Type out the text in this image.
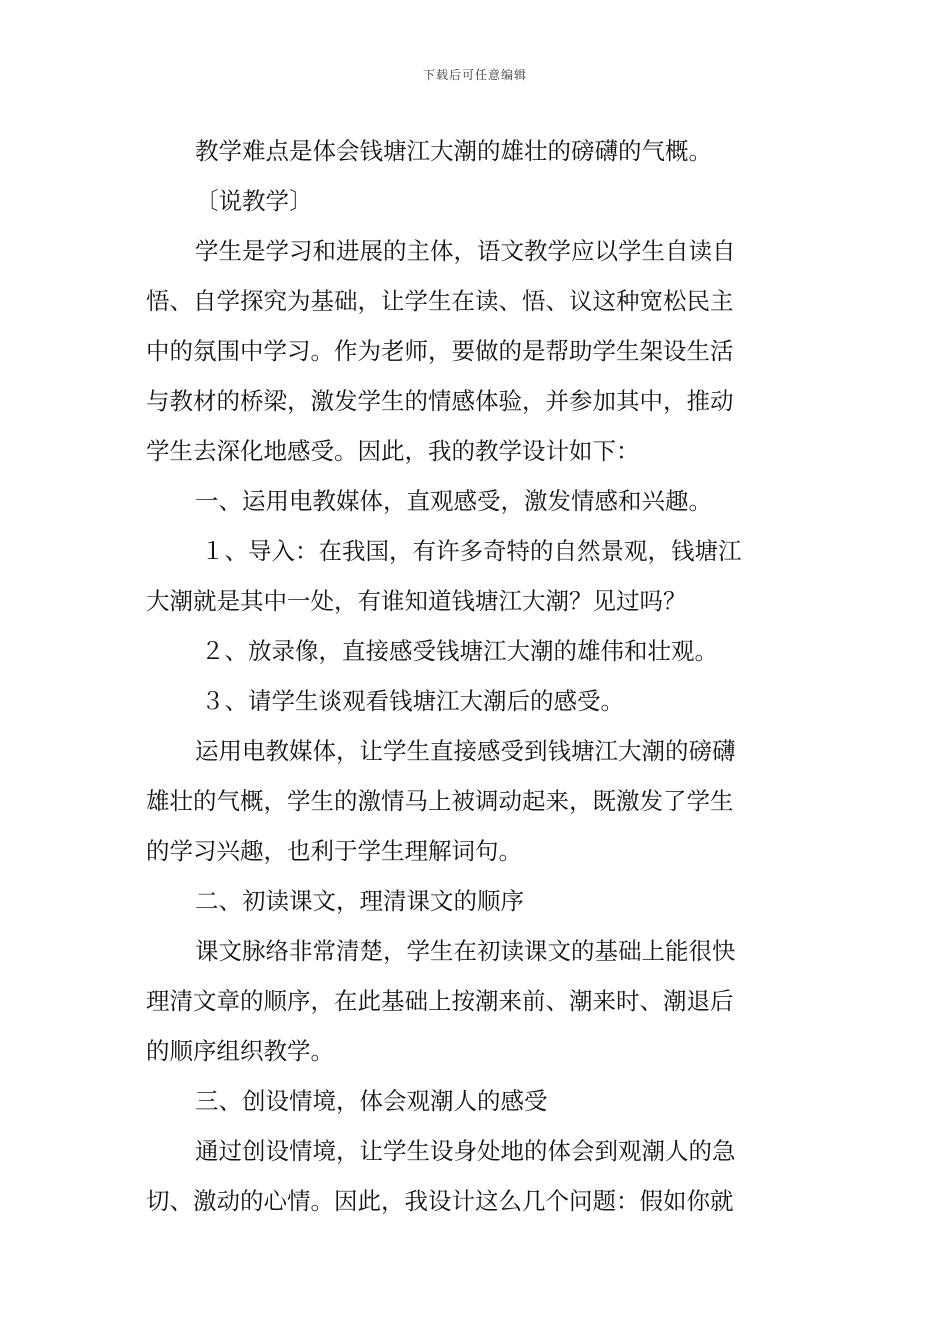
下载后可任意编辑
教学难点是体会钱塘江大潮的雄壮的磅礴的气概。
〔说教学〕
学生是学习和进展的主体，语文教学应以学生自读自
悟、自学探究为基础，让学生在读、悟、议这种宽松民主
中的氛围中学习。作为老师，要做的是帮助学生架设生活
与教材的桥梁，激发学生的情感体验，并参加其中，推动
学生去深化地感受。因此，我的教学设计如下：
一、运用电教媒体，直观感受，激发情感和兴趣。
１、导入：在我国，有许多奇特的自然景观，钱塘江
大潮就是其中一处，有谁知道钱塘江大潮？见过吗？
２、放录像，直接感受钱塘江大潮的雄伟和壮观。
３、请学生谈观看钱塘江大潮后的感受。
运用电教媒体，让学生直接感受到钱塘江大潮的磅礴
雄壮的气概，学生的激情马上被调动起来，既激发了学生
的学习兴趣，也利于学生理解词句。
二、初读课文，理清课文的顺序
课文脉络非常清楚，学生在初读课文的基础上能很快
理清文章的顺序，在此基础上按潮来前、潮来时、潮退后
的顺序组织教学。
三、创设情境，体会观潮人的感受
通过创设情境，让学生设身处地的体会到观潮人的急
切、激动的心情。因此，我设计这么几个问题：假如你就
